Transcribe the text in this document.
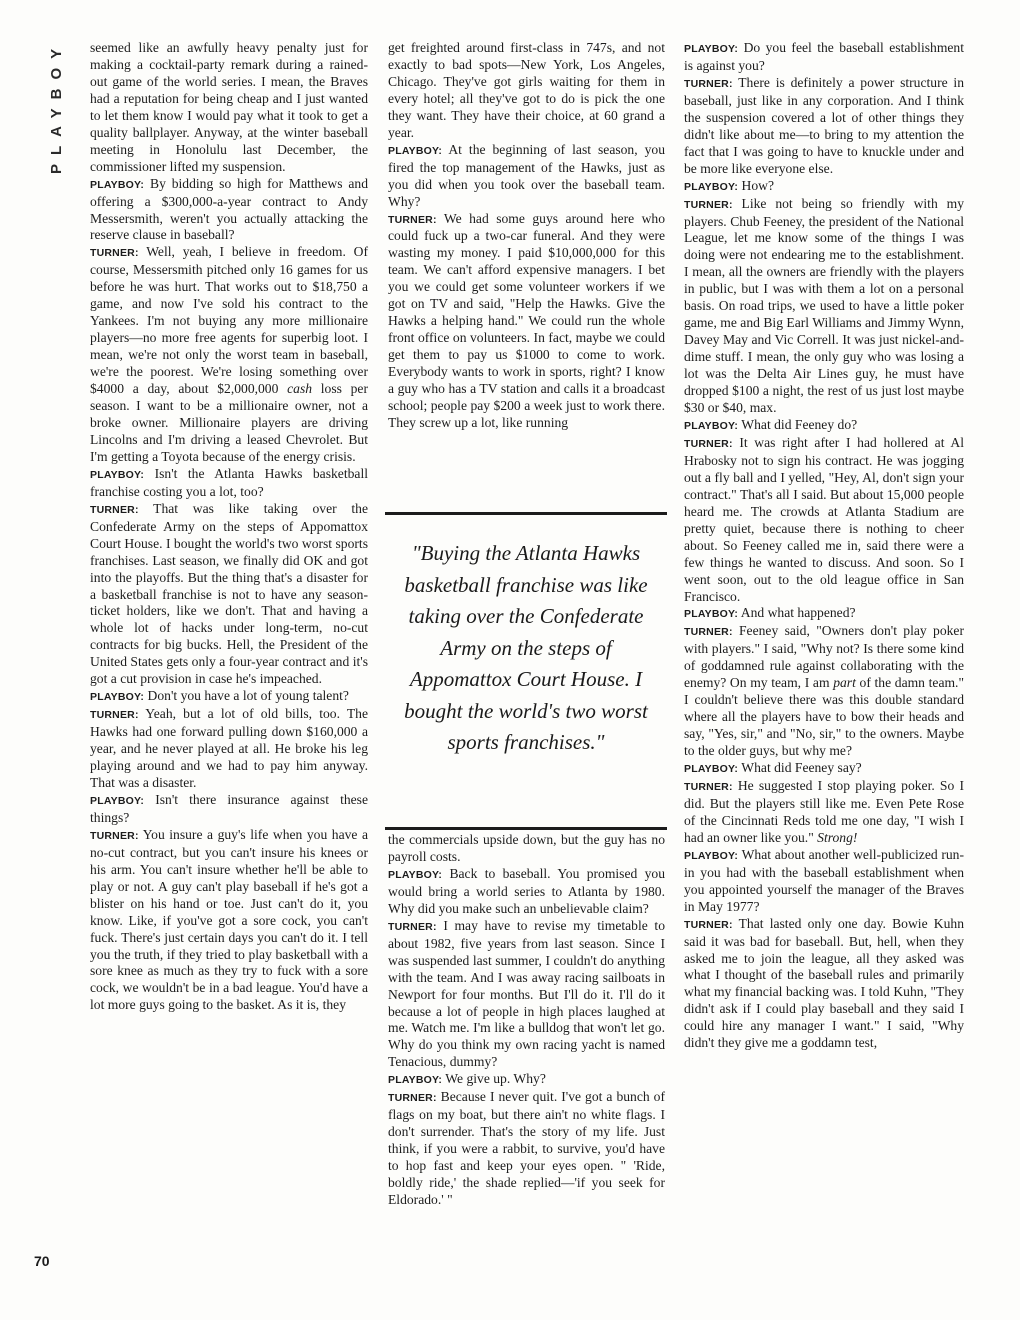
PLAYBOY
70

seemed like an awfully heavy penalty just for making a cocktail-party remark during a rained-out game of the world series. I mean, the Braves had a reputation for being cheap and I just wanted to let them know I would pay what it took to get a quality ballplayer. Anyway, at the winter baseball meeting in Honolulu last December, the commissioner lifted my suspension.

PLAYBOY: By bidding so high for Matthews and offering a $300,000-a-year contract to Andy Messersmith, weren't you actually attacking the reserve clause in baseball?

TURNER: Well, yeah, I believe in freedom. Of course, Messersmith pitched only 16 games for us before he was hurt. That works out to $18,750 a game, and now I've sold his contract to the Yankees. I'm not buying any more millionaire players—no more free agents for superbig loot. I mean, we're not only the worst team in baseball, we're the poorest. We're losing something over $4000 a day, about $2,000,000 cash loss per season. I want to be a millionaire owner, not a broke owner. Millionaire players are driving Lincolns and I'm driving a leased Chevrolet. But I'm getting a Toyota because of the energy crisis.

PLAYBOY: Isn't the Atlanta Hawks basketball franchise costing you a lot, too?

TURNER: That was like taking over the Confederate Army on the steps of Appomattox Court House. I bought the world's two worst sports franchises. Last season, we finally did OK and got into the playoffs. But the thing that's a disaster for a basketball franchise is not to have any season-ticket holders, like we don't. That and having a whole lot of hacks under long-term, no-cut contracts for big bucks. Hell, the President of the United States gets only a four-year contract and it's got a cut provision in case he's impeached.

PLAYBOY: Don't you have a lot of young talent?

TURNER: Yeah, but a lot of old bills, too. The Hawks had one forward pulling down $160,000 a year, and he never played at all. He broke his leg playing around and we had to pay him anyway. That was a disaster.

PLAYBOY: Isn't there insurance against these things?

TURNER: You insure a guy's life when you have a no-cut contract, but you can't insure his knees or his arm. You can't insure whether he'll be able to play or not. A guy can't play baseball if he's got a blister on his hand or toe. Just can't do it, you know. Like, if you've got a sore cock, you can't fuck. There's just certain days you can't do it. I tell you the truth, if they tried to play basketball with a sore knee as much as they try to fuck with a sore cock, we wouldn't be in a bad league. You'd have a lot more guys going to the basket. As it is, they

get freighted around first-class in 747s, and not exactly to bad spots—New York, Los Angeles, Chicago. They've got girls waiting for them in every hotel; all they've got to do is pick the one they want. They have their choice, at 60 grand a year.

PLAYBOY: At the beginning of last season, you fired the top management of the Hawks, just as you did when you took over the baseball team. Why?

TURNER: We had some guys around here who could fuck up a two-car funeral. And they were wasting my money. I paid $10,000,000 for this team. We can't afford expensive managers. I bet you we could get some volunteer workers if we got on TV and said, "Help the Hawks. Give the Hawks a helping hand." We could run the whole front office on volunteers. In fact, maybe we could get them to pay us $1000 to come to work. Everybody wants to work in sports, right? I know a guy who has a TV station and calls it a broadcast school; people pay $200 a week just to work there. They screw up a lot, like running

"Buying the Atlanta Hawks basketball franchise was like taking over the Confederate Army on the steps of Appomattox Court House. I bought the world's two worst sports franchises."

the commercials upside down, but the guy has no payroll costs.

PLAYBOY: Back to baseball. You promised you would bring a world series to Atlanta by 1980. Why did you make such an unbelievable claim?

TURNER: I may have to revise my timetable to about 1982, five years from last season. Since I was suspended last summer, I couldn't do anything with the team. And I was away racing sailboats in Newport for four months. But I'll do it. I'll do it because a lot of people in high places laughed at me. Watch me. I'm like a bulldog that won't let go. Why do you think my own racing yacht is named Tenacious, dummy?

PLAYBOY: We give up. Why?

TURNER: Because I never quit. I've got a bunch of flags on my boat, but there ain't no white flags. I don't surrender. That's the story of my life. Just think, if you were a rabbit, to survive, you'd have to hop fast and keep your eyes open. " 'Ride, boldly ride,' the shade replied—'if you seek for Eldorado.' "

PLAYBOY: Do you feel the baseball establishment is against you?

TURNER: There is definitely a power structure in baseball, just like in any corporation. And I think the suspension covered a lot of other things they didn't like about me—to bring to my attention the fact that I was going to have to knuckle under and be more like everyone else.

PLAYBOY: How?

TURNER: Like not being so friendly with my players. Chub Feeney, the president of the National League, let me know some of the things I was doing were not endearing me to the establishment. I mean, all the owners are friendly with the players in public, but I was with them a lot on a personal basis. On road trips, we used to have a little poker game, me and Big Earl Williams and Jimmy Wynn, Davey May and Vic Correll. It was just nickel-and-dime stuff. I mean, the only guy who was losing a lot was the Delta Air Lines guy, he must have dropped $100 a night, the rest of us just lost maybe $30 or $40, max.

PLAYBOY: What did Feeney do?

TURNER: It was right after I had hollered at Al Hrabosky not to sign his contract. He was jogging out a fly ball and I yelled, "Hey, Al, don't sign your contract." That's all I said. But about 15,000 people heard me. The crowds at Atlanta Stadium are pretty quiet, because there is nothing to cheer about. So Feeney called me in, said there were a few things he wanted to discuss. And soon. So I went soon, out to the old league office in San Francisco.

PLAYBOY: And what happened?

TURNER: Feeney said, "Owners don't play poker with players." I said, "Why not? Is there some kind of goddamned rule against collaborating with the enemy? On my team, I am part of the damn team." I couldn't believe there was this double standard where all the players have to bow their heads and say, "Yes, sir," and "No, sir," to the owners. Maybe to the older guys, but why me?

PLAYBOY: What did Feeney say?

TURNER: He suggested I stop playing poker. So I did. But the players still like me. Even Pete Rose of the Cincinnati Reds told me one day, "I wish I had an owner like you." Strong!

PLAYBOY: What about another well-publicized run-in you had with the baseball establishment when you appointed yourself the manager of the Braves in May 1977?

TURNER: That lasted only one day. Bowie Kuhn said it was bad for baseball. But, hell, when they asked me to join the league, all they asked was what I thought of the baseball rules and primarily what my financial backing was. I told Kuhn, "They didn't ask if I could play baseball and they said I could hire any manager I want." I said, "Why didn't they give me a goddamn test,
